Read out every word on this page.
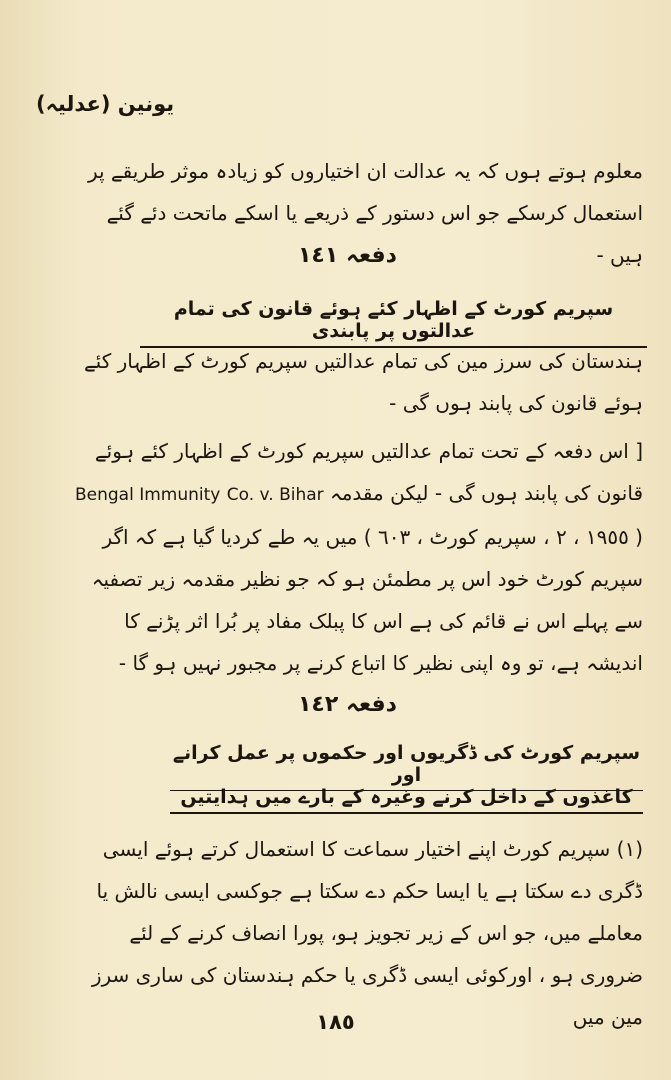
یونین (عدلیہ)
معلوم ہوتے ہوں کہ یہ عدالت ان اختیاروں کو زیادہ موثر طریقے پر استعمال کرسکے جو اس دستور کے ذریعے یا اسکے ماتحت دئے گئے ہیں -
دفعہ ١٤١
سپریم کورٹ کے اظہار کئے ہوئے قانون کی تمام عدالتوں پر پابندی
ہندستان کی سرز مین کی تمام عدالتیں سپریم کورٹ کے اظہار کئے ہوئے قانون کی پابند ہوں گی -
[ اس دفعہ کے تحت تمام عدالتیں سپریم کورٹ کے اظہار کئے ہوئے قانون کی پابند ہوں گی - لیکن مقدمہ Bengal Immunity Co. v. Bihar ( ١٩٥٥ ، ٢ ، سپریم کورٹ ، ٦٠٣ ) میں یہ طے کردیا گیا ہے کہ اگر سپریم کورٹ خود اس پر مطمئن ہو کہ جو نظیر مقدمہ زیر تصفیہ سے پہلے اس نے قائم کی ہے اس کا پبلک مفاد پر بُرا اثر پڑنے کا اندیشہ ہے، تو وہ اپنی نظیر کا اتباع کرنے پر مجبور نہیں ہو گا -
دفعہ ١٤٢
سپریم کورٹ کی ڈگریوں اور حکموں پر عمل کرانے اور
کاغذوں کے داخل کرنے وغیرہ کے بارے میں ہدایتیں
(١) سپریم کورٹ اپنے اختیار سماعت کا استعمال کرتے ہوئے ایسی ڈگری دے سکتا ہے یا ایسا حکم دے سکتا ہے جوکسی ایسی نالش یا معاملے میں، جو اس کے زیر تجویز ہو، پورا انصاف کرنے کے لئے ضروری ہو ، اورکوئی ایسی ڈگری یا حکم ہندستان کی ساری سرز مین میں
١٨٥
